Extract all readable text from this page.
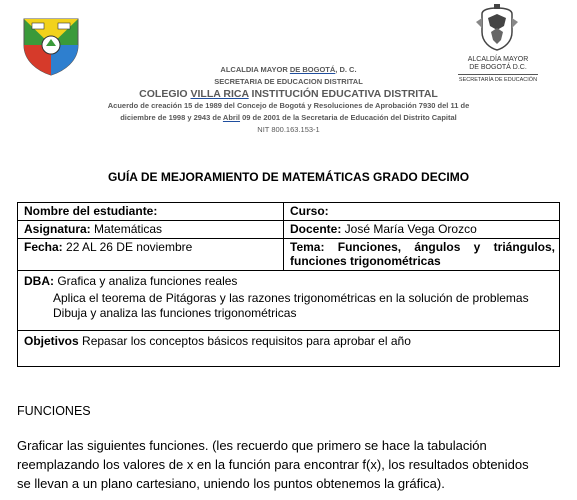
ALCALDÍA MAYOR
DE BOGOTÁ D.C.
SECRETARÍA DE EDUCACIÓN
ALCALDIA MAYOR DE BOGOTÁ, D. C.
SECRETARIA DE EDUCACION DISTRITAL
COLEGIO VILLA RICA INSTITUCIÓN EDUCATIVA DISTRITAL
Acuerdo de creación 15 de 1989 del Concejo de Bogotá y Resoluciones de Aprobación 7930 del 11 de
diciembre de 1998 y 2943 de Abril 09 de 2001 de la Secretaria de Educación del Distrito Capital
NIT 800.163.153-1
GUÍA DE MEJORAMIENTO DE MATEMÁTICAS GRADO DECIMO
Nombre del estudiante:	Curso:
Asignatura: Matemáticas	Docente: José María Vega Orozco
Fecha: 22 AL 26 DE noviembre	Tema: Funciones, ángulos y triángulos, funciones trigonométricas

DBA: Grafica y analiza funciones reales
Aplica el teorema de Pitágoras y las razones trigonométricas en la solución de problemas
Dibuja y analiza las funciones trigonométricas	

Objetivos Repasar los conceptos básicos requisitos para aprobar el año	
FUNCIONES
Graficar las siguientes funciones. (les recuerdo que primero se hace la tabulación
reemplazando los valores de x en la función para encontrar f(x), los resultados obtenidos
se llevan a un plano cartesiano, uniendo los puntos obtenemos la gráfica).
